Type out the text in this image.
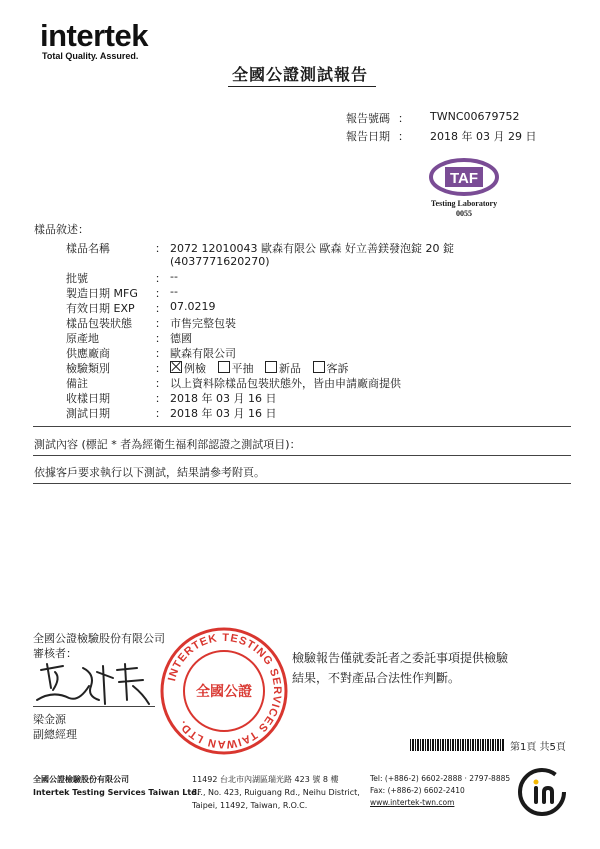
intertek
Total Quality. Assured.
全國公證測試報告
報告號碼 ： TWNC00679752
報告日期 ： 2018 年 03 月 29 日
TAF
Testing Laboratory
0055
樣品敘述：
樣品名稱	： 2072 12010043 歐森有限公 歐森 好立善鎂發泡錠 20 錠
(4037771620270)
批號	： --
製造日期 MFG ： --
有效日期 EXP ： 07.0219
樣品包裝狀態 ： 市售完整包裝
原產地	： 德國
供應廠商	： 歐森有限公司
檢驗類別	：	例檢 平抽 新品 客訴
備註	： 以上資料除樣品包裝狀態外，皆由申請廠商提供
收樣日期	： 2018 年 03 月 16 日
測試日期	： 2018 年 03 月 16 日
測試內容 (標記 * 者為經衛生福利部認證之測試項目)：
依據客戶要求執行以下測試，結果請參考附頁。
全國公證檢驗股份有限公司
審核者：
梁金源
副總經理
INTERTEK TESTING SERVICES TAIWAN LTD.
全國公證
檢驗報告僅就委託者之委託事項提供檢驗
結果，不對產品合法性作判斷。
第1頁 共5頁
全國公證檢驗股份有限公司
Intertek Testing Services Taiwan Ltd.
11492 台北市內湖區瑞光路 423 號 8 樓
8F., No. 423, Ruiguang Rd., Neihu District,
Taipei, 11492, Taiwan, R.O.C.
Tel: (+886-2) 6602-2888 · 2797-8885
Fax: (+886-2) 6602-2410
www.intertek-twn.com
